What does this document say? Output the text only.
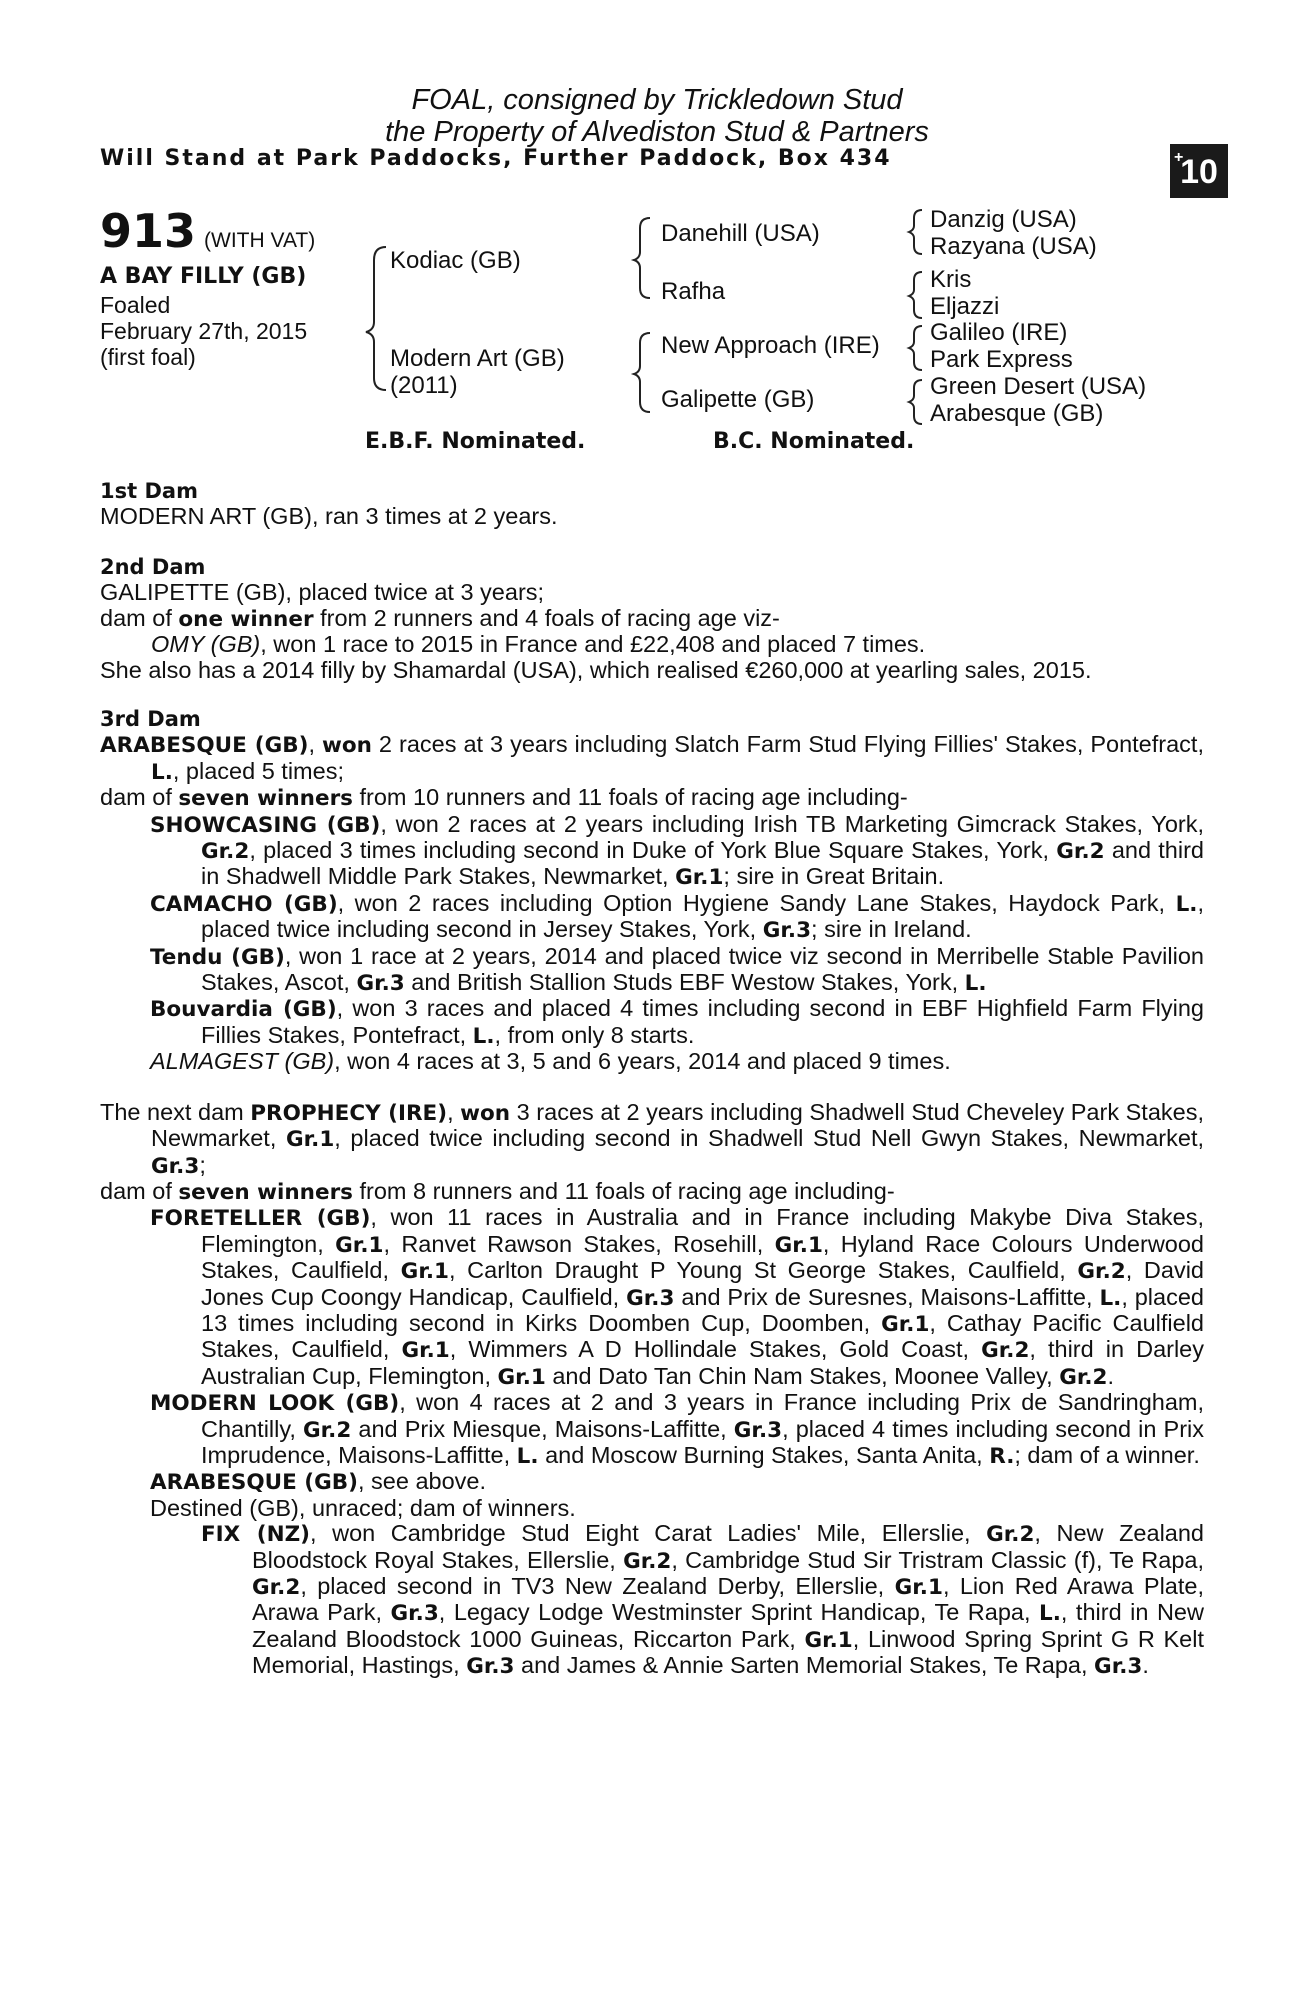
FOAL, consigned by Trickledown Stud
the Property of Alvediston Stud & Partners
Will Stand at Park Paddocks, Further Paddock, Box 434	+
10
913 (WITH VAT)
A BAY FILLY (GB)
Foaled
February 27th, 2015
(first foal)
Kodiac (GB)
Modern Art (GB)
(2011)
Danehill (USA)
Rafha
New Approach (IRE)
Galipette (GB)
Danzig (USA)
Razyana (USA)
Kris
Eljazzi
Galileo (IRE)
Park Express
Green Desert (USA)
Arabesque (GB)
E.B.F. Nominated.	B.C. Nominated.
1st Dam
MODERN ART (GB), ran 3 times at 2 years.
2nd Dam
GALIPETTE (GB), placed twice at 3 years;
dam of one winner from 2 runners and 4 foals of racing age viz-
OMY (GB), won 1 race to 2015 in France and £22,408 and placed 7 times.
She also has a 2014 filly by Shamardal (USA), which realised €260,000 at yearling sales, 2015.
3rd Dam
ARABESQUE (GB), won 2 races at 3 years including Slatch Farm Stud Flying Fillies' Stakes, Pontefract, L., placed 5 times;
dam of seven winners from 10 runners and 11 foals of racing age including-
SHOWCASING (GB), won 2 races at 2 years including Irish TB Marketing Gimcrack Stakes, York, Gr.2, placed 3 times including second in Duke of York Blue Square Stakes, York, Gr.2 and third in Shadwell Middle Park Stakes, Newmarket, Gr.1; sire in Great Britain.
CAMACHO (GB), won 2 races including Option Hygiene Sandy Lane Stakes, Haydock Park, L., placed twice including second in Jersey Stakes, York, Gr.3; sire in Ireland.
Tendu (GB), won 1 race at 2 years, 2014 and placed twice viz second in Merribelle Stable Pavilion Stakes, Ascot, Gr.3 and British Stallion Studs EBF Westow Stakes, York, L.
Bouvardia (GB), won 3 races and placed 4 times including second in EBF Highfield Farm Flying Fillies Stakes, Pontefract, L., from only 8 starts.
ALMAGEST (GB), won 4 races at 3, 5 and 6 years, 2014 and placed 9 times.
The next dam PROPHECY (IRE), won 3 races at 2 years including Shadwell Stud Cheveley Park Stakes, Newmarket, Gr.1, placed twice including second in Shadwell Stud Nell Gwyn Stakes, Newmarket, Gr.3;
dam of seven winners from 8 runners and 11 foals of racing age including-
FORETELLER (GB), won 11 races in Australia and in France including Makybe Diva Stakes, Flemington, Gr.1, Ranvet Rawson Stakes, Rosehill, Gr.1, Hyland Race Colours Underwood Stakes, Caulfield, Gr.1, Carlton Draught P Young St George Stakes, Caulfield, Gr.2, David Jones Cup Coongy Handicap, Caulfield, Gr.3 and Prix de Suresnes, Maisons-Laffitte, L., placed 13 times including second in Kirks Doomben Cup, Doomben, Gr.1, Cathay Pacific Caulfield Stakes, Caulfield, Gr.1, Wimmers A D Hollindale Stakes, Gold Coast, Gr.2, third in Darley Australian Cup, Flemington, Gr.1 and Dato Tan Chin Nam Stakes, Moonee Valley, Gr.2.
MODERN LOOK (GB), won 4 races at 2 and 3 years in France including Prix de Sandringham, Chantilly, Gr.2 and Prix Miesque, Maisons-Laffitte, Gr.3, placed 4 times including second in Prix Imprudence, Maisons-Laffitte, L. and Moscow Burning Stakes, Santa Anita, R.; dam of a winner.
ARABESQUE (GB), see above.
Destined (GB), unraced; dam of winners.
FIX (NZ), won Cambridge Stud Eight Carat Ladies' Mile, Ellerslie, Gr.2, New Zealand Bloodstock Royal Stakes, Ellerslie, Gr.2, Cambridge Stud Sir Tristram Classic (f), Te Rapa, Gr.2, placed second in TV3 New Zealand Derby, Ellerslie, Gr.1, Lion Red Arawa Plate, Arawa Park, Gr.3, Legacy Lodge Westminster Sprint Handicap, Te Rapa, L., third in New Zealand Bloodstock 1000 Guineas, Riccarton Park, Gr.1, Linwood Spring Sprint G R Kelt Memorial, Hastings, Gr.3 and James & Annie Sarten Memorial Stakes, Te Rapa, Gr.3.
